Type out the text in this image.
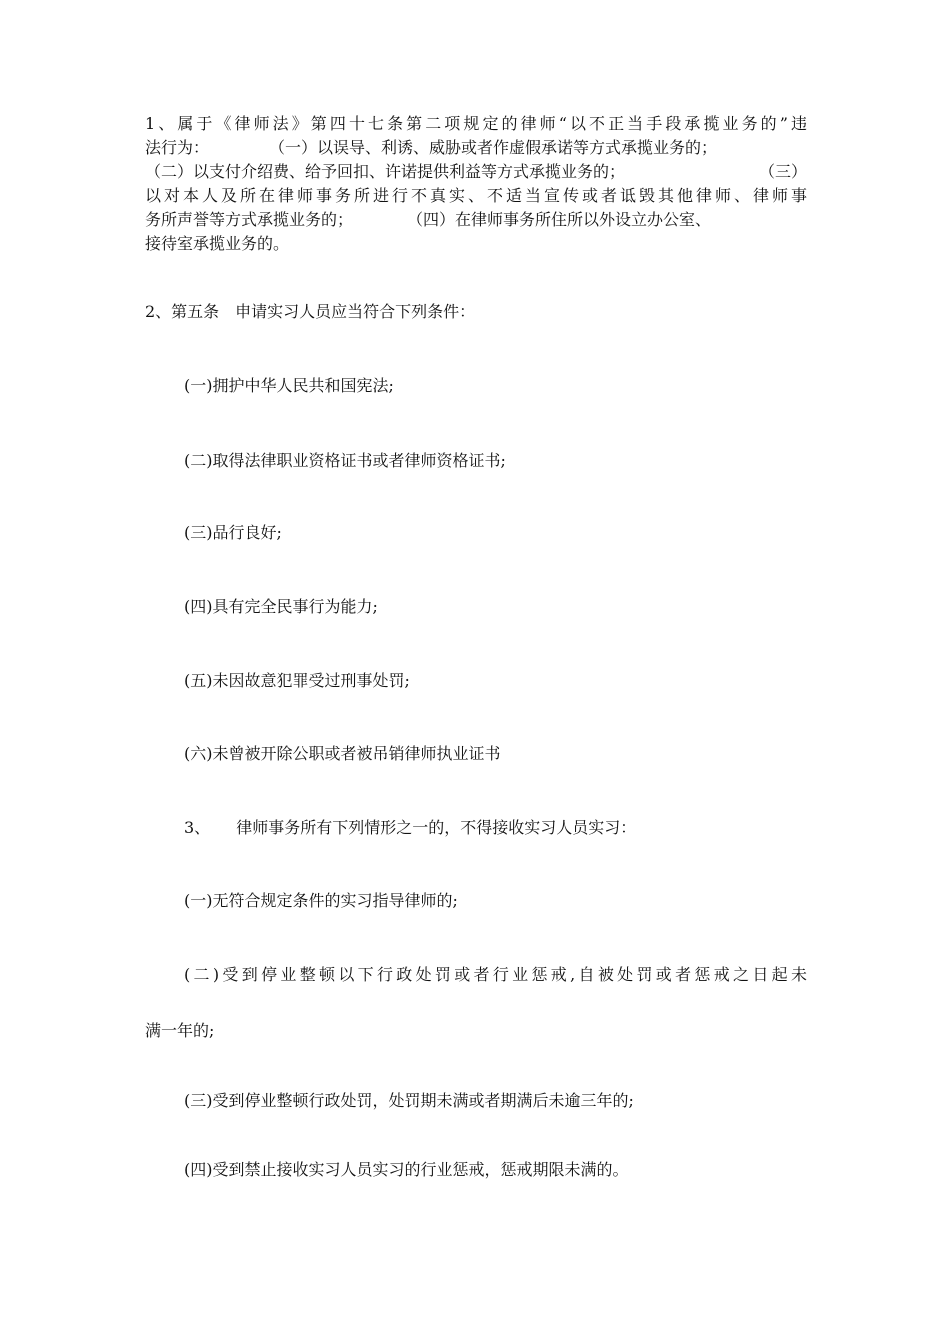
1、属于《律师法》第四十七条第二项规定的律师“以不正当手段承揽业务的”违
法行为：	（一）以误导、利诱、威胁或者作虚假承诺等方式承揽业务的；
（二）以支付介绍费、给予回扣、许诺提供利益等方式承揽业务的；	（三）
以对本人及所在律师事务所进行不真实、不适当宣传或者诋毁其他律师、律师事
务所声誉等方式承揽业务的；	（四）在律师事务所住所以外设立办公室、
接待室承揽业务的。
2、第五条　申请实习人员应当符合下列条件：
(一)拥护中华人民共和国宪法;
(二)取得法律职业资格证书或者律师资格证书;
(三)品行良好;
(四)具有完全民事行为能力;
(五)未因故意犯罪受过刑事处罚;
(六)未曾被开除公职或者被吊销律师执业证书
3、 律师事务所有下列情形之一的，不得接收实习人员实习：
(一)无符合规定条件的实习指导律师的;
(二)受到停业整顿以下行政处罚或者行业惩戒,自被处罚或者惩戒之日起未
满一年的;
(三)受到停业整顿行政处罚，处罚期未满或者期满后未逾三年的;
(四)受到禁止接收实习人员实习的行业惩戒，惩戒期限未满的。
